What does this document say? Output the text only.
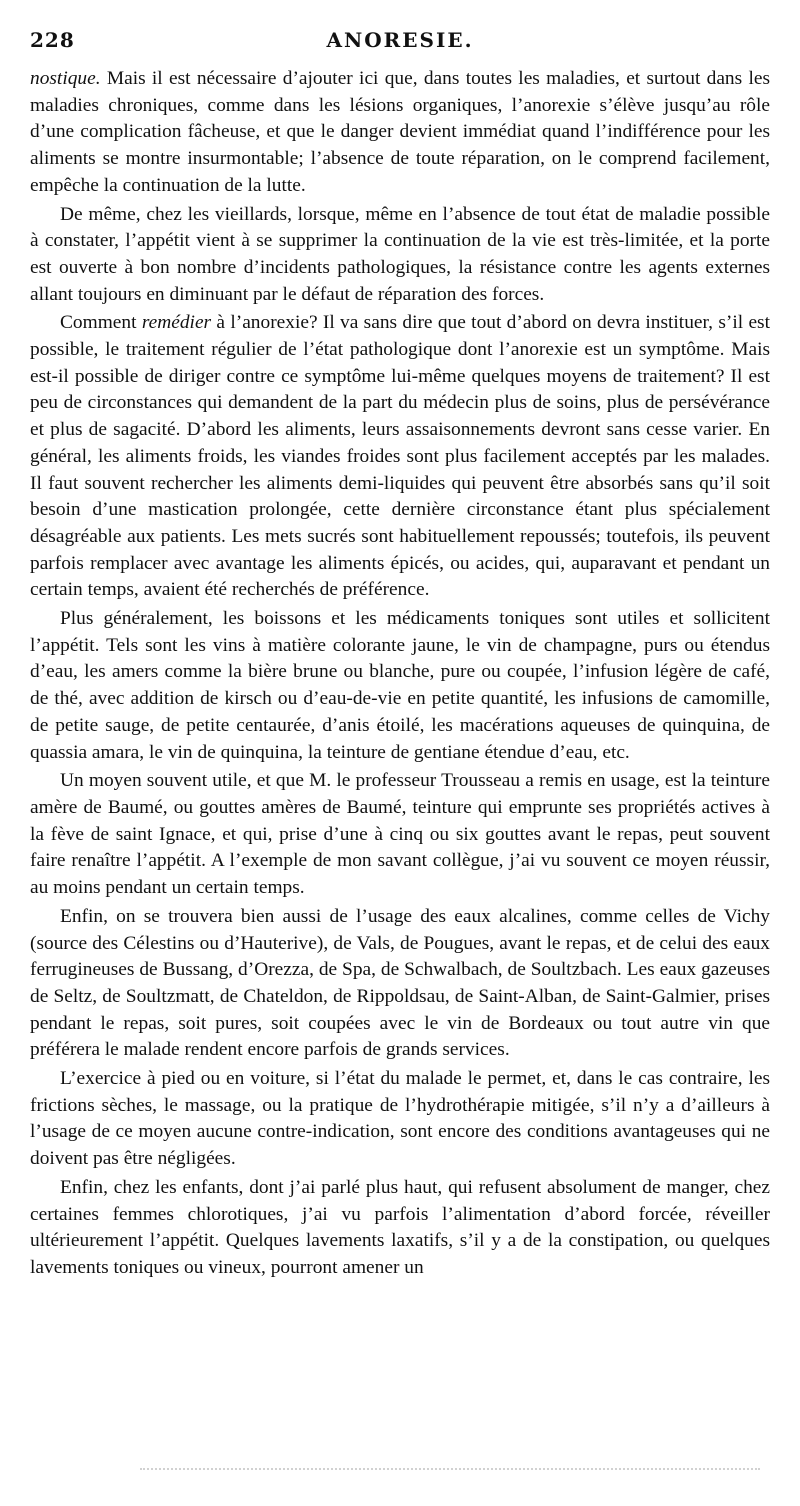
228	ANORESIE.

nostique. Mais il est nécessaire d’ajouter ici que, dans toutes les maladies, et surtout dans les maladies chroniques, comme dans les lésions organiques, l’anorexie s’élève jusqu’au rôle d’une complication fâcheuse, et que le danger devient immédiat quand l’indifférence pour les aliments se montre insurmontable; l’absence de toute réparation, on le comprend facilement, empêche la continuation de la lutte.

De même, chez les vieillards, lorsque, même en l’absence de tout état de maladie possible à constater, l’appétit vient à se supprimer la continuation de la vie est très-limitée, et la porte est ouverte à bon nombre d’incidents pathologiques, la résistance contre les agents externes allant toujours en diminuant par le défaut de réparation des forces.

Comment remédier à l’anorexie? Il va sans dire que tout d’abord on devra instituer, s’il est possible, le traitement régulier de l’état pathologique dont l’anorexie est un symptôme. Mais est-il possible de diriger contre ce symptôme lui-même quelques moyens de traitement? Il est peu de circonstances qui demandent de la part du médecin plus de soins, plus de persévérance et plus de sagacité. D’abord les aliments, leurs assaisonnements devront sans cesse varier. En général, les aliments froids, les viandes froides sont plus facilement acceptés par les malades. Il faut souvent rechercher les aliments demi-liquides qui peuvent être absorbés sans qu’il soit besoin d’une mastication prolongée, cette dernière circonstance étant plus spécialement désagréable aux patients. Les mets sucrés sont habituellement repoussés; toutefois, ils peuvent parfois remplacer avec avantage les aliments épicés, ou acides, qui, auparavant et pendant un certain temps, avaient été recherchés de préférence.

Plus généralement, les boissons et les médicaments toniques sont utiles et sollicitent l’appétit. Tels sont les vins à matière colorante jaune, le vin de champagne, purs ou étendus d’eau, les amers comme la bière brune ou blanche, pure ou coupée, l’infusion légère de café, de thé, avec addition de kirsch ou d’eau-de-vie en petite quantité, les infusions de camomille, de petite sauge, de petite centaurée, d’anis étoilé, les macérations aqueuses de quinquina, de quassia amara, le vin de quinquina, la teinture de gentiane étendue d’eau, etc.

Un moyen souvent utile, et que M. le professeur Trousseau a remis en usage, est la teinture amère de Baumé, ou gouttes amères de Baumé, teinture qui emprunte ses propriétés actives à la fève de saint Ignace, et qui, prise d’une à cinq ou six gouttes avant le repas, peut souvent faire renaître l’appétit. A l’exemple de mon savant collègue, j’ai vu souvent ce moyen réussir, au moins pendant un certain temps.

Enfin, on se trouvera bien aussi de l’usage des eaux alcalines, comme celles de Vichy (source des Célestins ou d’Hauterive), de Vals, de Pougues, avant le repas, et de celui des eaux ferrugineuses de Bussang, d’Orezza, de Spa, de Schwalbach, de Soultzbach. Les eaux gazeuses de Seltz, de Soultzmatt, de Chateldon, de Rippoldsau, de Saint-Alban, de Saint-Galmier, prises pendant le repas, soit pures, soit coupées avec le vin de Bordeaux ou tout autre vin que préférera le malade rendent encore parfois de grands services.

L’exercice à pied ou en voiture, si l’état du malade le permet, et, dans le cas contraire, les frictions sèches, le massage, ou la pratique de l’hydrothérapie mitigée, s’il n’y a d’ailleurs à l’usage de ce moyen aucune contre-indication, sont encore des conditions avantageuses qui ne doivent pas être négligées.

Enfin, chez les enfants, dont j’ai parlé plus haut, qui refusent absolument de manger, chez certaines femmes chlorotiques, j’ai vu parfois l’alimentation d’abord forcée, réveiller ultérieurement l’appétit. Quelques lavements laxatifs, s’il y a de la constipation, ou quelques lavements toniques ou vineux, pourront amener un
